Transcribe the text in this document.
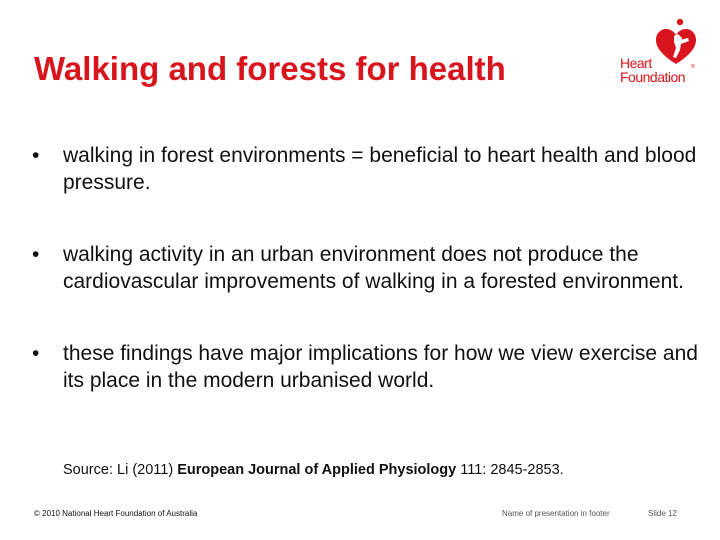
Walking and forests for health	Heart
Foundation
®
• walking in forest environments = beneficial to heart health and blood pressure.
• walking activity in an urban environment does not produce the cardiovascular improvements of walking in a forested environment.
• these findings have major implications for how we view exercise and its place in the modern urbanised world.
Source: Li (2011) European Journal of Applied Physiology 111: 2845-2853.
© 2010 National Heart Foundation of Australia	Name of presentation in footer	Slide 12
